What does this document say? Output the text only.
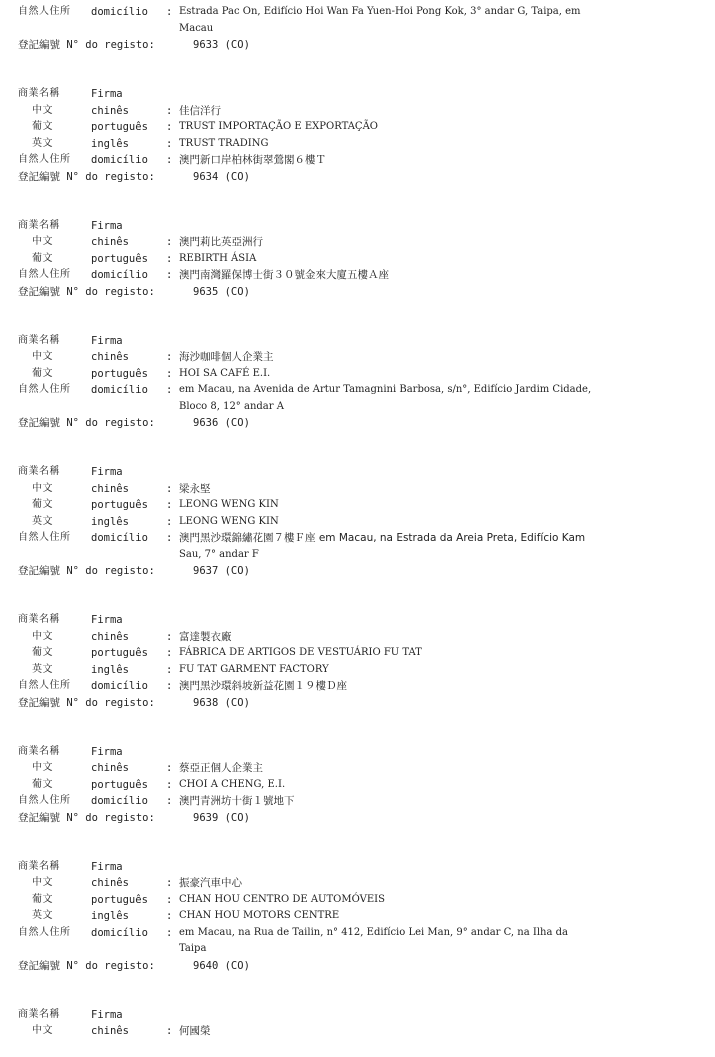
自然人住所 domicílio : Estrada Pac On, Edifício Hoi Wan Fa Yuen-Hoi Pong Kok, 3° andar G, Taipa, em
Macau
登記編號 N° do registo:	9633 (CO)
商業名稱	Firma
中文	chinês	: 佳信洋行
葡文	português : TRUST IMPORTAÇÃO E EXPORTAÇÃO
英文	inglês	: TRUST TRADING
自然人住所 domicílio : 澳門新口岸柏林街翠鶯閣６樓Ｔ
登記編號 N° do registo:	9634 (CO)
商業名稱	Firma
中文	chinês	: 澳門莉比英亞洲行
葡文	português : REBIRTH ÁSIA
自然人住所 domicílio : 澳門南灣羅保博士街３０號金來大廈五樓Ａ座
登記編號 N° do registo:	9635 (CO)
商業名稱	Firma
中文	chinês	: 海沙咖啡個人企業主
葡文	português : HOI SA CAFÉ E.I.
自然人住所 domicílio : em Macau, na Avenida de Artur Tamagnini Barbosa, s/n°, Edifício Jardim Cidade,
Bloco 8, 12° andar A
登記編號 N° do registo:	9636 (CO)
商業名稱	Firma
中文	chinês	: 梁永堅
葡文	português : LEONG WENG KIN
英文	inglês	: LEONG WENG KIN
自然人住所 domicílio : 澳門黑沙環錦繡花園７樓Ｆ座 em Macau, na Estrada da Areia Preta, Edifício Kam
Sau, 7° andar F
登記編號 N° do registo:	9637 (CO)
商業名稱	Firma
中文	chinês	: 富達製衣廠
葡文	português : FÁBRICA DE ARTIGOS DE VESTUÁRIO FU TAT
英文	inglês	: FU TAT GARMENT FACTORY
自然人住所 domicílio : 澳門黑沙環斜坡新益花園１９樓Ｄ座
登記編號 N° do registo:	9638 (CO)
商業名稱	Firma
中文	chinês	: 蔡亞正個人企業主
葡文	português : CHOI A CHENG, E.I.
自然人住所 domicílio : 澳門青洲坊十街１號地下
登記編號 N° do registo:	9639 (CO)
商業名稱	Firma
中文	chinês	: 振豪汽車中心
葡文	português : CHAN HOU CENTRO DE AUTOMÓVEIS
英文	inglês	: CHAN HOU MOTORS CENTRE
自然人住所 domicílio : em Macau, na Rua de Tailin, n° 412, Edifício Lei Man, 9° andar C, na Ilha da
Taipa
登記編號 N° do registo:	9640 (CO)
商業名稱	Firma
中文	chinês	: 何國榮
